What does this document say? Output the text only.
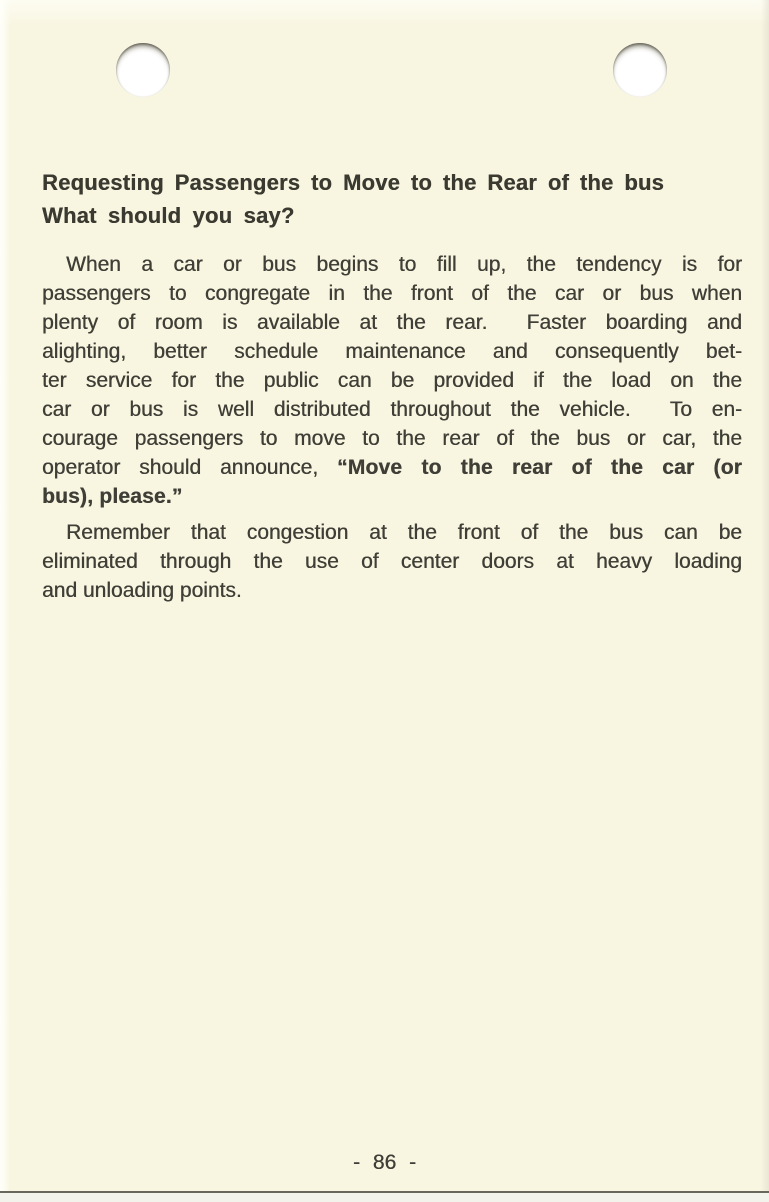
Requesting Passengers to Move to the Rear of the bus
What should you say?
When a car or bus begins to fill up, the tendency is for
passengers to congregate in the front of the car or bus when
plenty of room is available at the rear.  Faster boarding and
alighting, better schedule maintenance and consequently bet-
ter service for the public can be provided if the load on the
car or bus is well distributed throughout the vehicle.  To en-
courage passengers to move to the rear of the bus or car, the
operator should announce, “Move to the rear of the car (or
bus), please.”
Remember that congestion at the front of the bus can be
eliminated through the use of center doors at heavy loading
and unloading points.
- 86 -
